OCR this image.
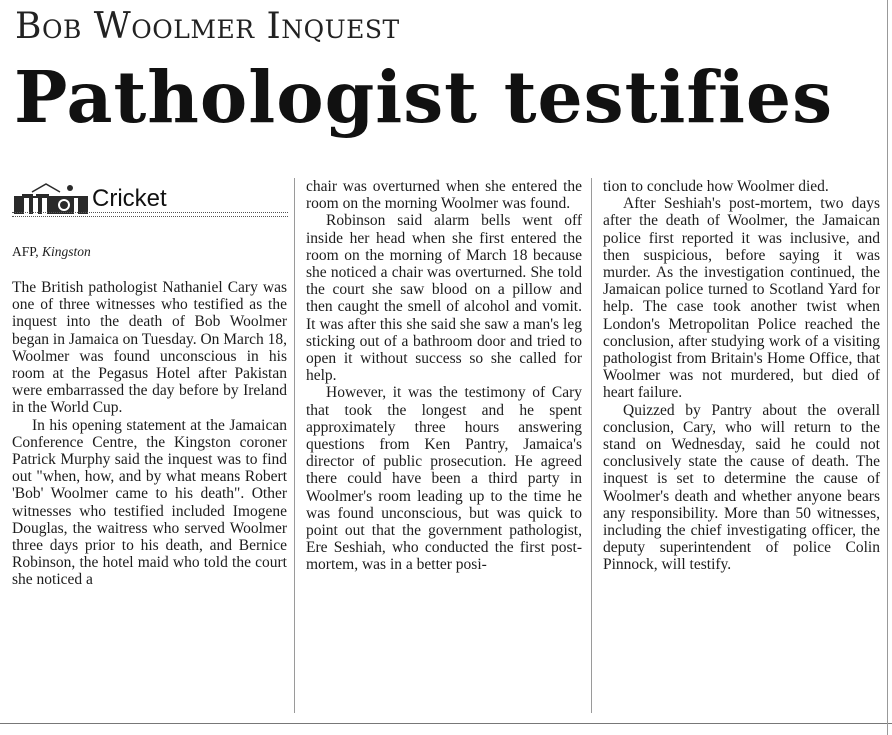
Bob Woolmer Inquest
Pathologist testifies
Cricket
AFP, Kingston

The British pathologist Nathaniel Cary was one of three witnesses who testified as the inquest into the death of Bob Woolmer began in Jamaica on Tuesday. On March 18, Woolmer was found unconscious in his room at the Pegasus Hotel after Pakistan were embarrassed the day before by Ireland in the World Cup.

In his opening statement at the Jamaican Conference Centre, the Kingston coroner Patrick Murphy said the inquest was to find out "when, how, and by what means Robert 'Bob' Woolmer came to his death". Other witnesses who testified included Imogene Douglas, the waitress who served Woolmer three days prior to his death, and Bernice Robinson, the hotel maid who told the court she noticed a

chair was overturned when she entered the room on the morning Woolmer was found.

Robinson said alarm bells went off inside her head when she first entered the room on the morning of March 18 because she noticed a chair was overturned. She told the court she saw blood on a pillow and then caught the smell of alcohol and vomit. It was after this she said she saw a man's leg sticking out of a bathroom door and tried to open it without success so she called for help.

However, it was the testimony of Cary that took the longest and he spent approximately three hours answering questions from Ken Pantry, Jamaica's director of public prosecution. He agreed there could have been a third party in Woolmer's room leading up to the time he was found unconscious, but was quick to point out that the government pathologist, Ere Seshiah, who conducted the first post-mortem, was in a better posi-

tion to conclude how Woolmer died.

After Seshiah's post-mortem, two days after the death of Woolmer, the Jamaican police first reported it was inclusive, and then suspicious, before saying it was murder. As the investigation continued, the Jamaican police turned to Scotland Yard for help. The case took another twist when London's Metropolitan Police reached the conclusion, after studying work of a visiting pathologist from Britain's Home Office, that Woolmer was not murdered, but died of heart failure.

Quizzed by Pantry about the overall conclusion, Cary, who will return to the stand on Wednesday, said he could not conclusively state the cause of death. The inquest is set to determine the cause of Woolmer's death and whether anyone bears any responsibility. More than 50 witnesses, including the chief investigating officer, the deputy superintendent of police Colin Pinnock, will testify.
